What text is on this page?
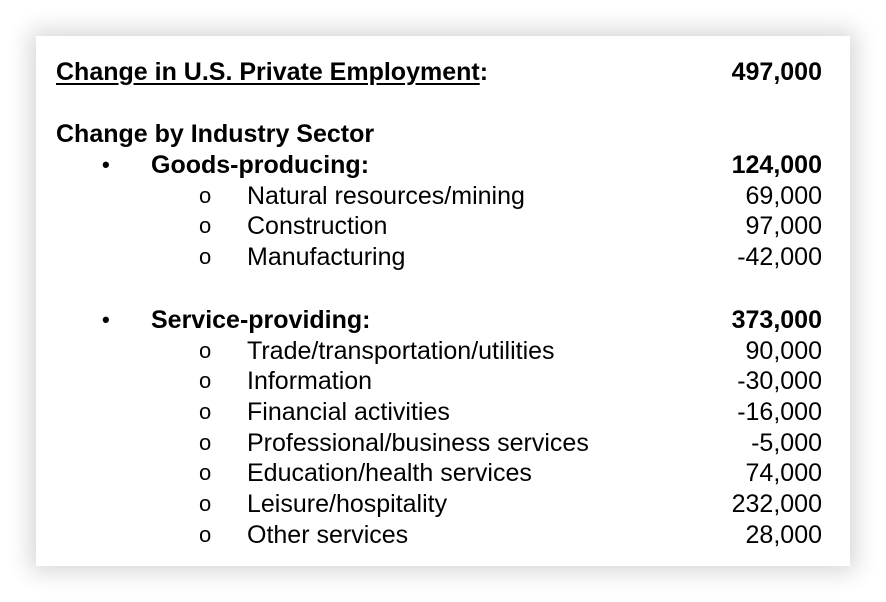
Change in U.S. Private Employment:	497,000
Change by Industry Sector
• Goods-producing:	124,000
o Natural resources/mining	69,000
o Construction	97,000
o Manufacturing	-42,000
• Service-providing:	373,000
o Trade/transportation/utilities	90,000
o Information	-30,000
o Financial activities	-16,000
o Professional/business services	-5,000
o Education/health services	74,000
o Leisure/hospitality	232,000
o Other services	28,000
